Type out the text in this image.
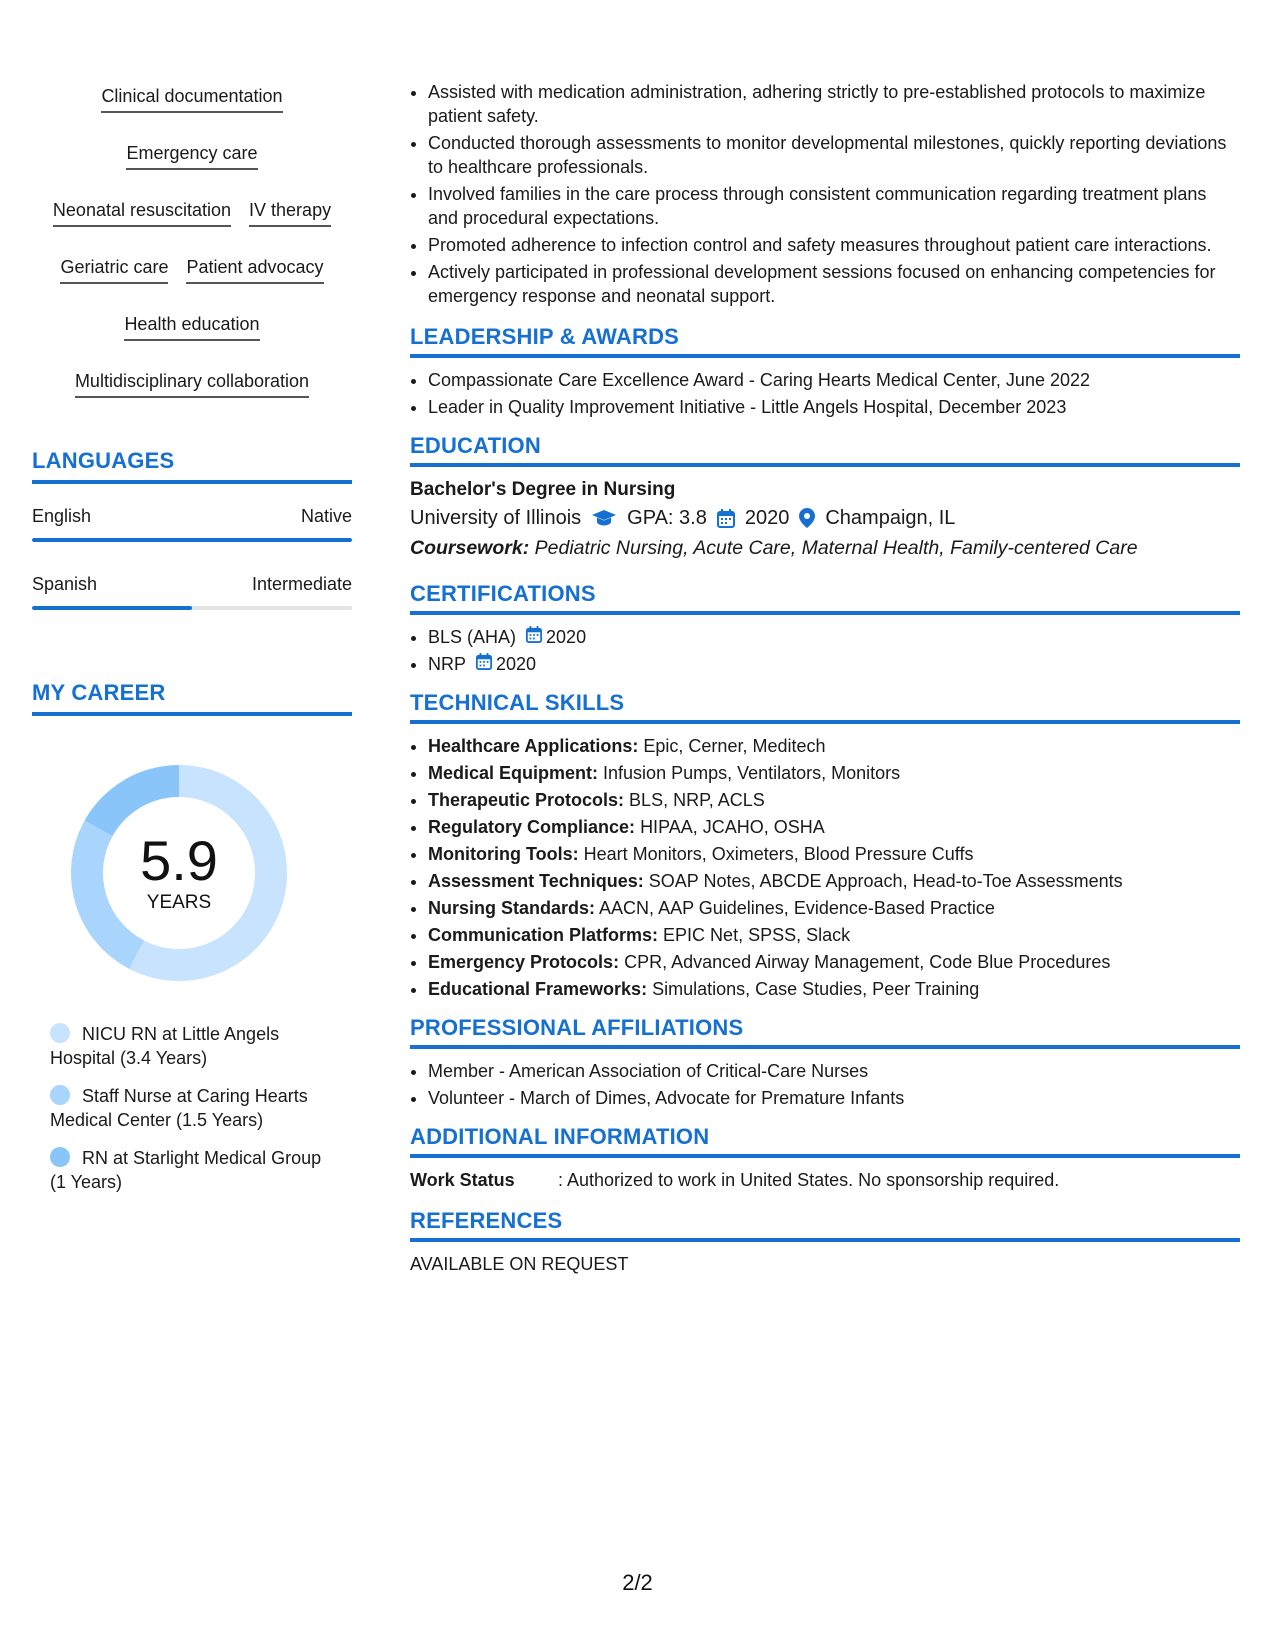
Clinical documentation
Emergency care
Neonatal resuscitation IV therapy
Geriatric care Patient advocacy
Health education
Multidisciplinary collaboration
LANGUAGES
English	Native
Spanish	Intermediate
MY CAREER
5.9
YEARS
NICU RN at Little Angels Hospital (3.4 Years)
Staff Nurse at Caring Hearts Medical Center (1.5 Years)
RN at Starlight Medical Group (1 Years)
• Assisted with medication administration, adhering strictly to pre-established protocols to maximize patient safety.
• Conducted thorough assessments to monitor developmental milestones, quickly reporting deviations to healthcare professionals.
• Involved families in the care process through consistent communication regarding treatment plans and procedural expectations.
• Promoted adherence to infection control and safety measures throughout patient care interactions.
• Actively participated in professional development sessions focused on enhancing competencies for emergency response and neonatal support.
LEADERSHIP & AWARDS
• Compassionate Care Excellence Award - Caring Hearts Medical Center, June 2022
• Leader in Quality Improvement Initiative - Little Angels Hospital, December 2023
EDUCATION
Bachelor's Degree in Nursing
University of Illinois GPA: 3.8 2020 Champaign, IL
Coursework: Pediatric Nursing, Acute Care, Maternal Health, Family-centered Care
CERTIFICATIONS
• BLS (AHA) 2020
• NRP 2020
TECHNICAL SKILLS
• Healthcare Applications: Epic, Cerner, Meditech
• Medical Equipment: Infusion Pumps, Ventilators, Monitors
• Therapeutic Protocols: BLS, NRP, ACLS
• Regulatory Compliance: HIPAA, JCAHO, OSHA
• Monitoring Tools: Heart Monitors, Oximeters, Blood Pressure Cuffs
• Assessment Techniques: SOAP Notes, ABCDE Approach, Head-to-Toe Assessments
• Nursing Standards: AACN, AAP Guidelines, Evidence-Based Practice
• Communication Platforms: EPIC Net, SPSS, Slack
• Emergency Protocols: CPR, Advanced Airway Management, Code Blue Procedures
• Educational Frameworks: Simulations, Case Studies, Peer Training
PROFESSIONAL AFFILIATIONS
• Member - American Association of Critical-Care Nurses
• Volunteer - March of Dimes, Advocate for Premature Infants
ADDITIONAL INFORMATION
Work Status	: Authorized to work in United States. No sponsorship required.
REFERENCES
AVAILABLE ON REQUEST
2/2
